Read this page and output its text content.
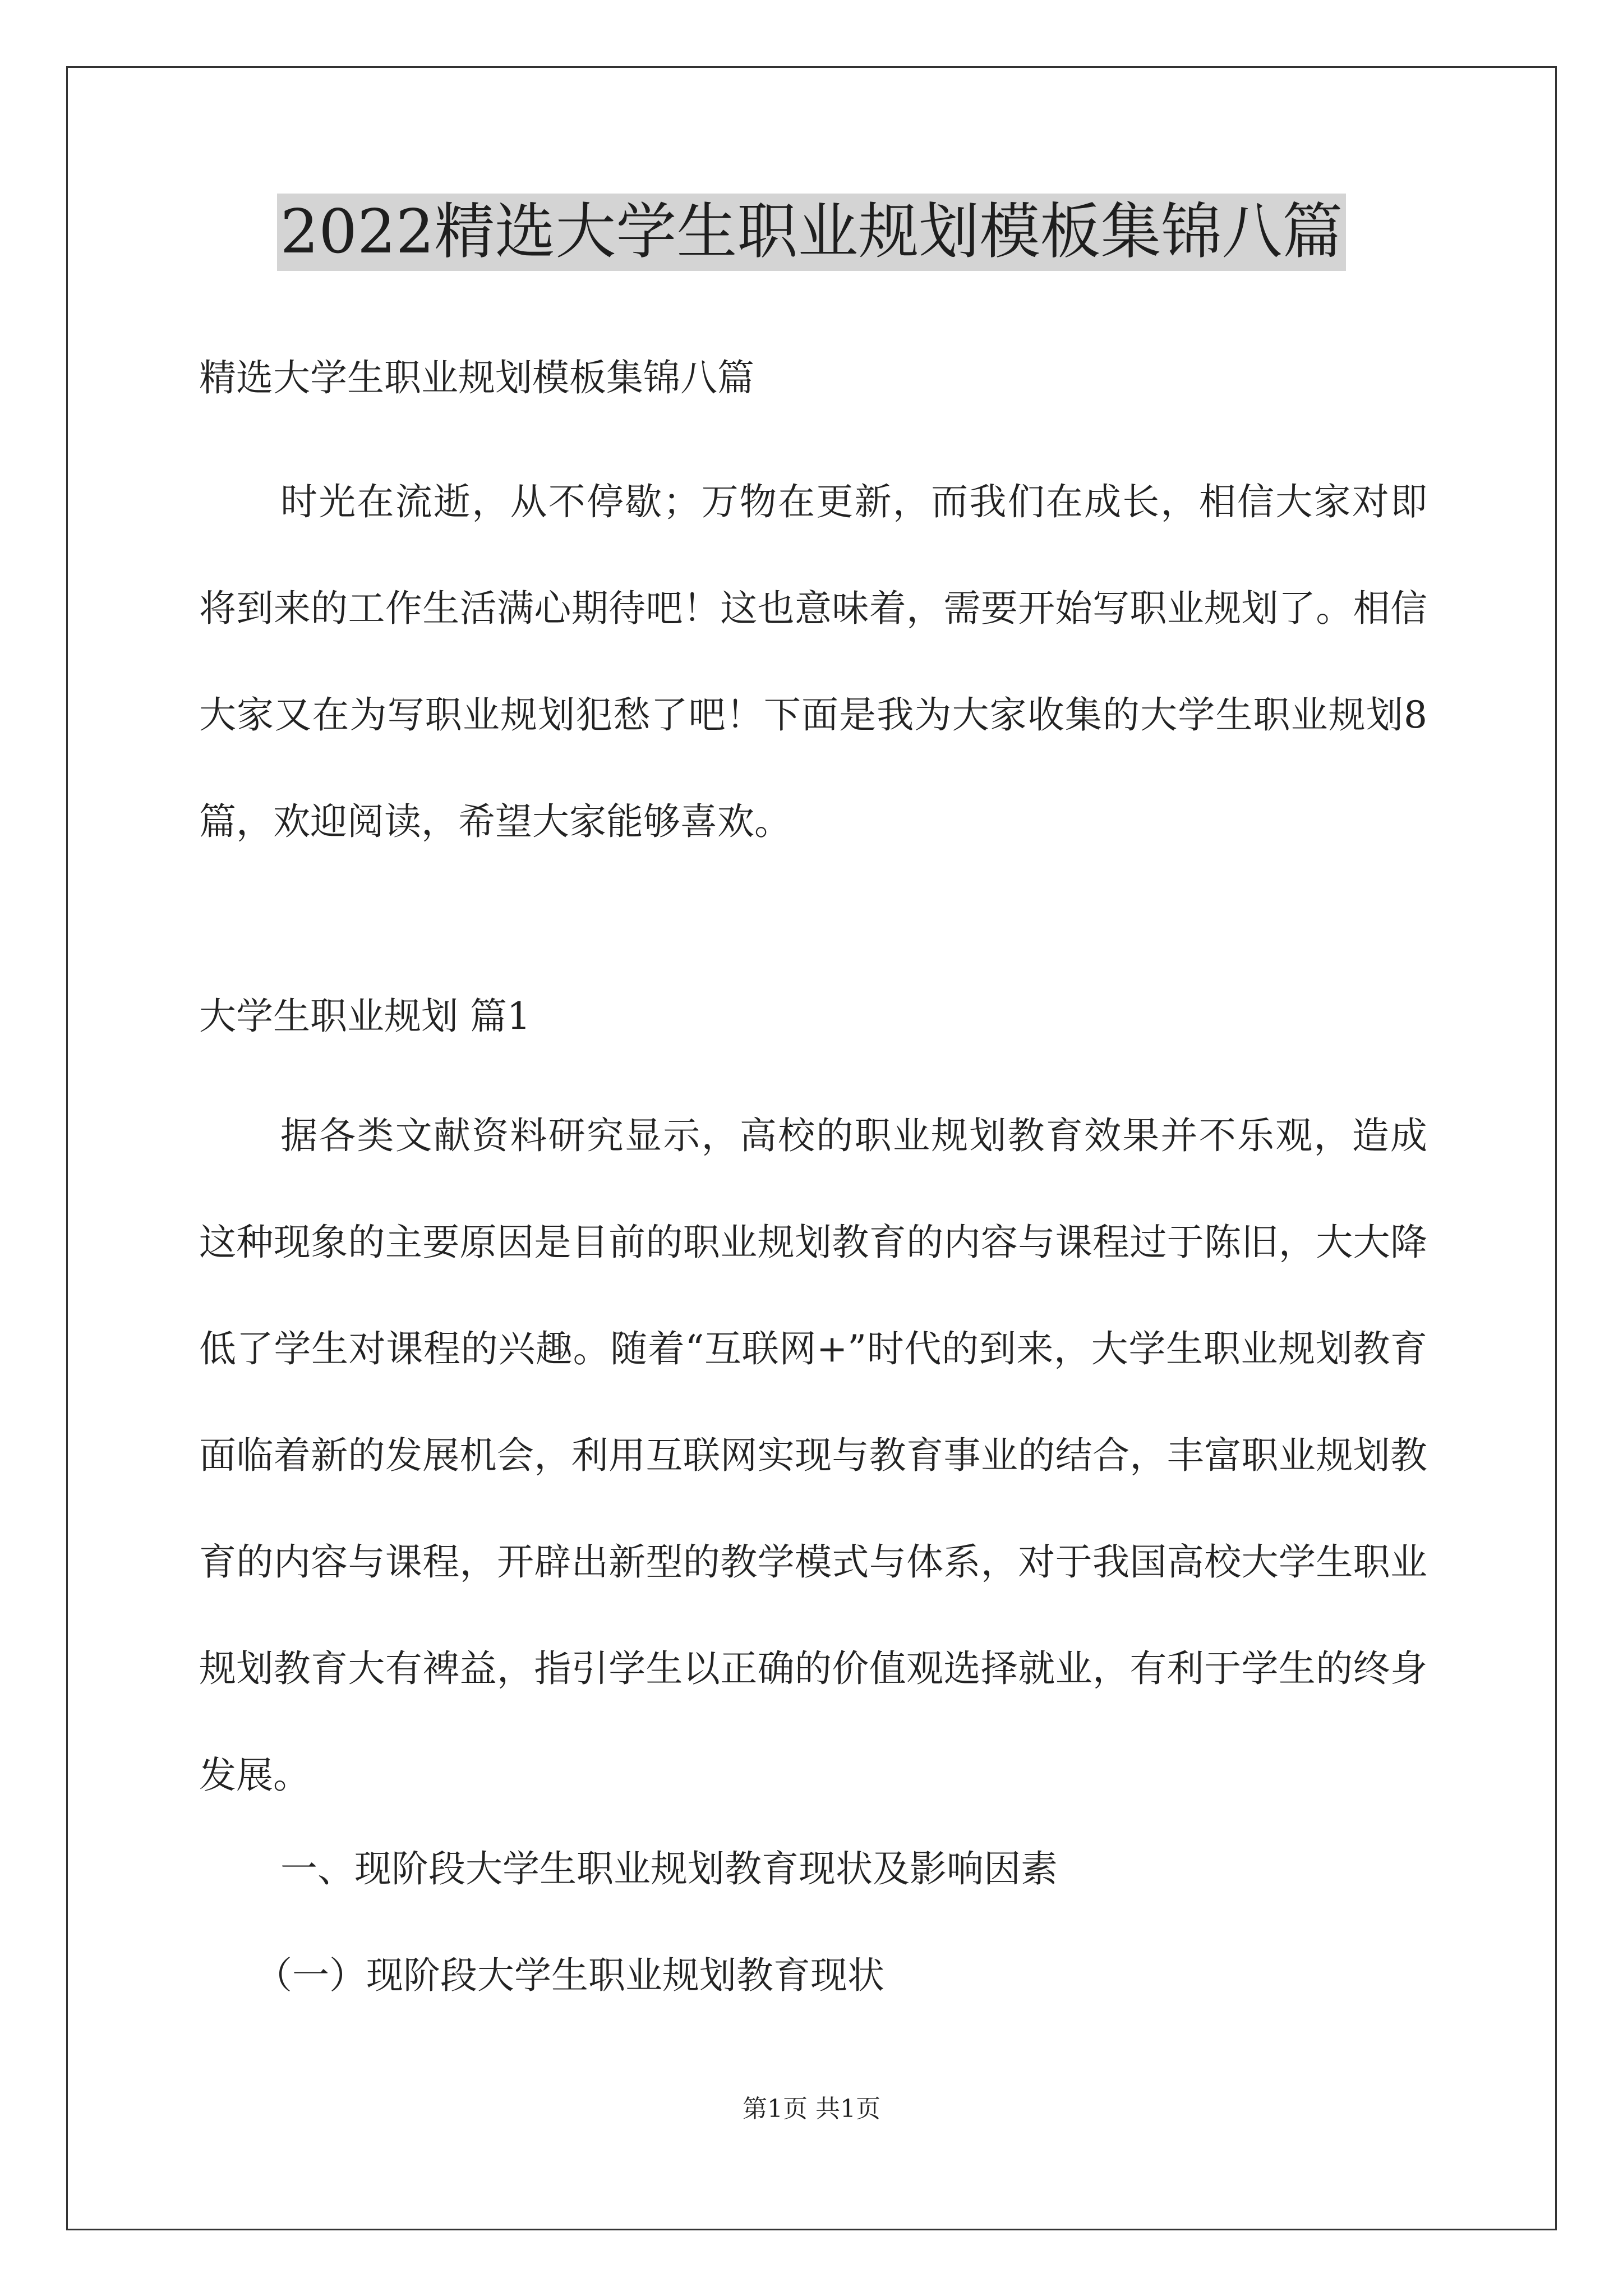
2022精选大学生职业规划模板集锦八篇
精选大学生职业规划模板集锦八篇
时光在流逝，从不停歇；万物在更新，而我们在成长，相信大家对即将到来的工作生活满心期待吧！这也意味着，需要开始写职业规划了。相信大家又在为写职业规划犯愁了吧！下面是我为大家收集的大学生职业规划8篇，欢迎阅读，希望大家能够喜欢。
大学生职业规划 篇1
据各类文献资料研究显示，高校的职业规划教育效果并不乐观，造成这种现象的主要原因是目前的职业规划教育的内容与课程过于陈旧，大大降低了学生对课程的兴趣。随着“互联网+”时代的到来，大学生职业规划教育面临着新的发展机会，利用互联网实现与教育事业的结合，丰富职业规划教育的内容与课程，开辟出新型的教学模式与体系，对于我国高校大学生职业规划教育大有裨益，指引学生以正确的价值观选择就业，有利于学生的终身发展。
一、现阶段大学生职业规划教育现状及影响因素
（一）现阶段大学生职业规划教育现状
第1页 共1页
